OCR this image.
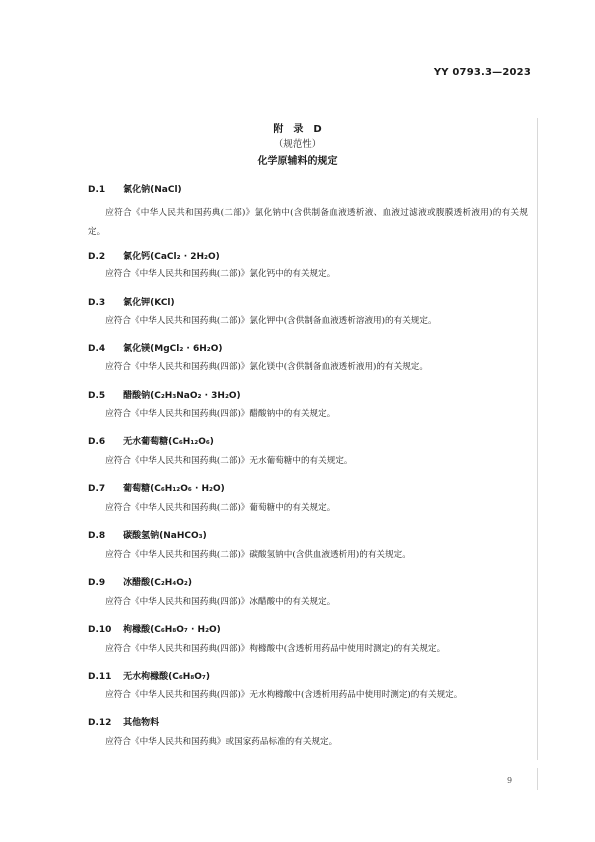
YY 0793.3—2023
附　录　D
（规范性）
化学原辅料的规定
D.1 氯化钠(NaCl)
应符合《中华人民共和国药典(二部)》氯化钠中(含供制备血液透析液、血液过滤液或腹膜透析液用)的有关规定。
D.2 氯化钙(CaCl₂ · 2H₂O)
应符合《中华人民共和国药典(二部)》氯化钙中的有关规定。
D.3 氯化钾(KCl)
应符合《中华人民共和国药典(二部)》氯化钾中(含供制备血液透析溶液用)的有关规定。
D.4 氯化镁(MgCl₂ · 6H₂O)
应符合《中华人民共和国药典(四部)》氯化镁中(含供制备血液透析液用)的有关规定。
D.5 醋酸钠(C₂H₃NaO₂ · 3H₂O)
应符合《中华人民共和国药典(四部)》醋酸钠中的有关规定。
D.6 无水葡萄糖(C₆H₁₂O₆)
应符合《中华人民共和国药典(二部)》无水葡萄糖中的有关规定。
D.7 葡萄糖(C₆H₁₂O₆ · H₂O)
应符合《中华人民共和国药典(二部)》葡萄糖中的有关规定。
D.8 碳酸氢钠(NaHCO₃)
应符合《中华人民共和国药典(二部)》碳酸氢钠中(含供血液透析用)的有关规定。
D.9 冰醋酸(C₂H₄O₂)
应符合《中华人民共和国药典(四部)》冰醋酸中的有关规定。
D.10 枸橼酸(C₆H₈O₇ · H₂O)
应符合《中华人民共和国药典(四部)》枸橼酸中(含透析用药品中使用时测定)的有关规定。
D.11 无水枸橼酸(C₆H₈O₇)
应符合《中华人民共和国药典(四部)》无水枸橼酸中(含透析用药品中使用时测定)的有关规定。
D.12 其他物料
应符合《中华人民共和国药典》或国家药品标准的有关规定。
9
